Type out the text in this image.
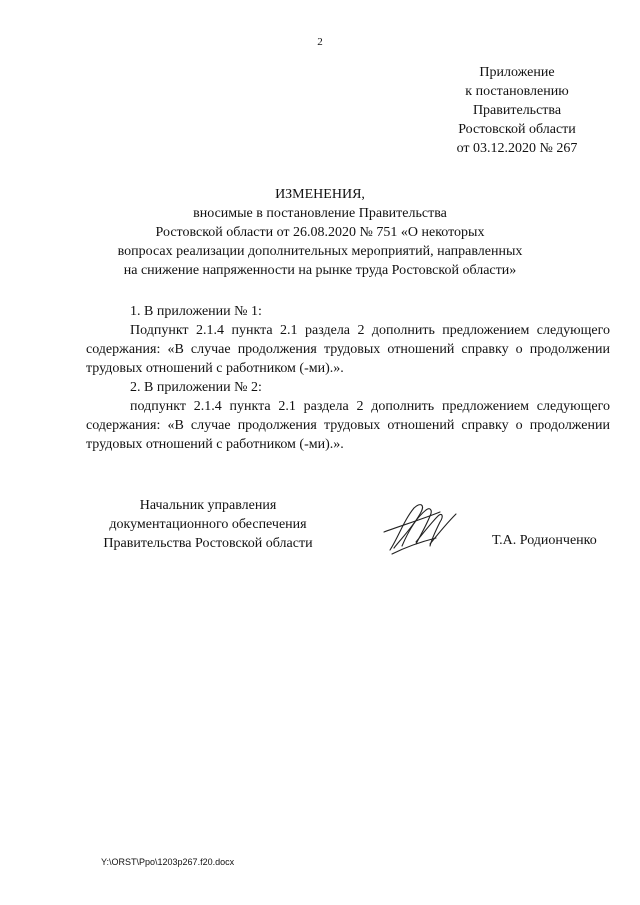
2
Приложение
к постановлению
Правительства
Ростовской области
от 03.12.2020 № 267
ИЗМЕНЕНИЯ,
вносимые в постановление Правительства
Ростовской области от 26.08.2020 № 751 «О некоторых
вопросах реализации дополнительных мероприятий, направленных
на снижение напряженности на рынке труда Ростовской области»

1. В приложении № 1:

Подпункт 2.1.4 пункта 2.1 раздела 2 дополнить предложением следующего

содержания: «В случае продолжения трудовых отношений справку о продолжении трудовых отношений с работником (-ми).».

2. В приложении № 2:

подпункт 2.1.4 пункта 2.1 раздела 2 дополнить предложением следующего

содержания: «В случае продолжения трудовых отношений справку о продолжении трудовых отношений с работником (-ми).».

Начальник управления
документационного обеспечения
Правительства Ростовской области	Т.А. Родионченко
Y:\ORST\Ppo\1203p267.f20.docx
